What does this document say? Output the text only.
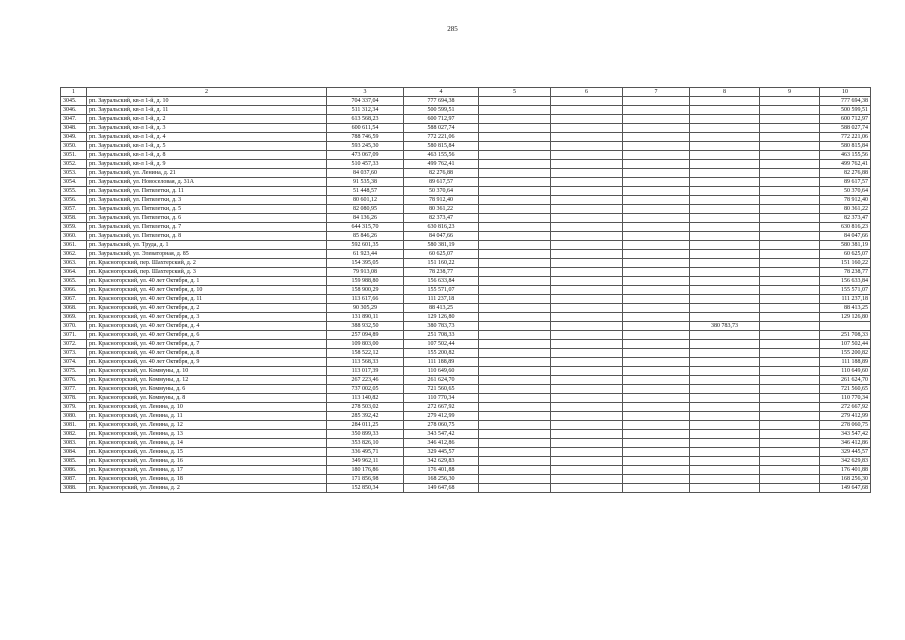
285
1	2	3	4	5	6	7	8	9	10
3045.	рп. Зауральский, кв-л 1-й, д. 10	704 337,04	777 694,38						777 694,38
3046.	рп. Зауральский, кв-л 1-й, д. 11	511 312,34	500 599,51						500 599,51
3047.	рп. Зауральский, кв-л 1-й, д. 2	613 568,23	600 712,97						600 712,97
3048.	рп. Зауральский, кв-л 1-й, д. 3	600 611,54	588 027,74						588 027,74
3049.	рп. Зауральский, кв-л 1-й, д. 4	788 746,59	772 221,06						772 221,06
3050.	рп. Зауральский, кв-л 1-й, д. 5	593 245,30	580 815,84						580 815,84
3051.	рп. Зауральский, кв-л 1-й, д. 8	473 067,09	463 155,56						463 155,56
3052.	рп. Зауральский, кв-л 1-й, д. 9	510 457,33	499 762,41						499 762,41
3053.	рп. Зауральский, ул. Ленина, д. 21	84 037,60	82 276,88						82 276,88
3054.	рп. Зауральский, ул. Новоселовая, д. 31А	91 535,38	89 617,57						89 617,57
3055.	рп. Зауральский, ул. Пятилетки, д. 11	51 448,57	50 370,64						50 370,64
3056.	рп. Зауральский, ул. Пятилетки, д. 3	80 601,12	78 912,40						78 912,40
3057.	рп. Зауральский, ул. Пятилетки, д. 5	82 080,95	80 361,22						80 361,22
3058.	рп. Зауральский, ул. Пятилетки, д. 6	84 136,26	82 373,47						82 373,47
3059.	рп. Зауральский, ул. Пятилетки, д. 7	644 315,70	630 816,23						630 816,23
3060.	рп. Зауральский, ул. Пятилетки, д. 8	85 846,26	84 047,66						84 047,66
3061.	рп. Зауральский, ул. Труда, д. 1	592 601,35	580 381,19						580 381,19
3062.	рп. Зауральский, ул. Элеваторная, д. 85	61 923,44	60 625,07						60 625,07
3063.	рп. Красногорский, пер. Шахтерский, д. 2	154 395,05	151 160,22						151 160,22
3064.	рп. Красногорский, пер. Шахтерский, д. 3	79 913,08	78 238,77						78 238,77
3065.	рп. Красногорский, ул. 40 лет Октября, д. 1	159 988,80	156 633,84						156 633,84
3066.	рп. Красногорский, ул. 40 лет Октября, д. 10	158 900,29	155 571,07						155 571,07
3067.	рп. Красногорский, ул. 40 лет Октября, д. 11	113 617,66	111 237,18						111 237,18
3068.	рп. Красногорский, ул. 40 лет Октября, д. 2	90 305,29	88 413,25						88 413,25
3069.	рп. Красногорский, ул. 40 лет Октября, д. 3	131 890,11	129 126,80						129 126,80
3070.	рп. Красногорский, ул. 40 лет Октября, д. 4	388 932,50	380 783,73				380 783,73		
3071.	рп. Красногорский, ул. 40 лет Октября, д. 6	257 094,89	251 708,33						251 708,33
3072.	рп. Красногорский, ул. 40 лет Октября, д. 7	109 803,00	107 502,44						107 502,44
3073.	рп. Красногорский, ул. 40 лет Октября, д. 8	158 522,12	155 200,82						155 200,82
3074.	рп. Красногорский, ул. 40 лет Октября, д. 9	113 568,33	111 188,89						111 188,89
3075.	рп. Красногорский, ул. Коммуны, д. 10	113 017,39	110 649,60						110 649,60
3076.	рп. Красногорский, ул. Коммуны, д. 12	267 223,46	261 624,70						261 624,70
3077.	рп. Красногорский, ул. Коммуны, д. 6	737 002,05	721 560,65						721 560,65
3078.	рп. Красногорский, ул. Коммуны, д. 8	113 140,82	110 770,34						110 770,34
3079.	рп. Красногорский, ул. Ленина, д. 10	278 503,02	272 667,92						272 667,92
3080.	рп. Красногорский, ул. Ленина, д. 11	285 392,42	279 412,99						279 412,99
3081.	рп. Красногорский, ул. Ленина, д. 12	284 011,25	278 060,75						278 060,75
3082.	рп. Красногорский, ул. Ленина, д. 13	350 899,33	343 547,42						343 547,42
3083.	рп. Красногорский, ул. Ленина, д. 14	353 826,10	346 412,86						346 412,86
3084.	рп. Красногорский, ул. Ленина, д. 15	336 495,71	329 445,57						329 445,57
3085.	рп. Красногорский, ул. Ленина, д. 16	349 962,11	342 629,83						342 629,83
3086.	рп. Красногорский, ул. Ленина, д. 17	180 176,86	176 401,88						176 401,88
3087.	рп. Красногорский, ул. Ленина, д. 18	171 856,98	168 256,30						168 256,30
3088.	рп. Красногорский, ул. Ленина, д. 2	152 850,34	149 647,68						149 647,68
